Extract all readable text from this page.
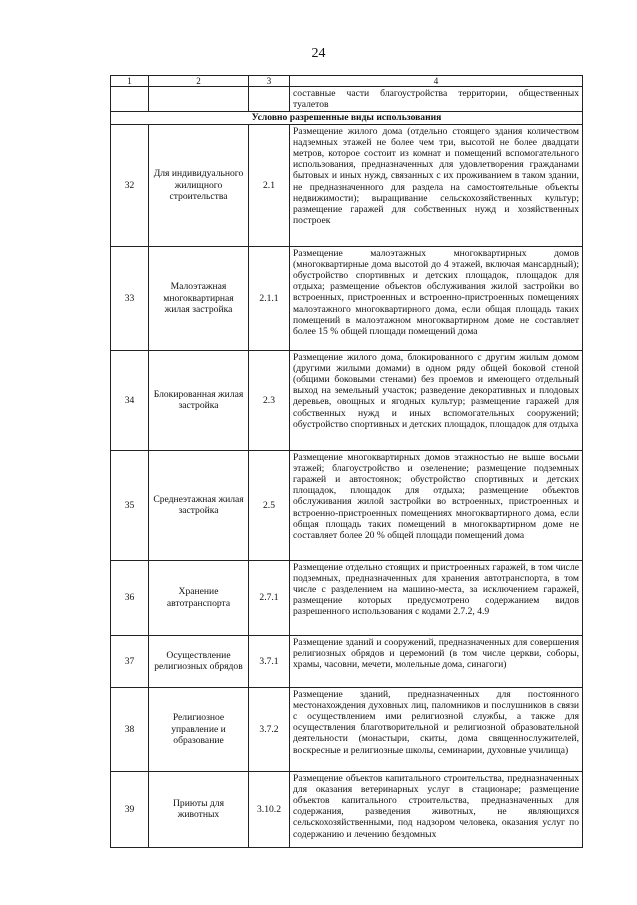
24
1	2	3	4
			составные части благоустройства территории, общественных туалетов
Условно разрешенные виды использования			
32	Для индивидуального жилищного строительства	2.1	Размещение жилого дома (отдельно стоящего здания количеством надземных этажей не более чем три, высотой не более двадцати метров, которое состоит из комнат и помещений вспомогательного использования, предназначенных для удовлетворения гражданами бытовых и иных нужд, связанных с их проживанием в таком здании, не предназначенного для раздела на самостоятельные объекты недвижимости); выращивание сельскохозяйственных культур; размещение гаражей для собственных нужд и хозяйственных построек
33	Малоэтажная многоквартирная жилая застройка	2.1.1	Размещение малоэтажных многоквартирных домов (многоквартирные дома высотой до 4 этажей, включая мансардный); обустройство спортивных и детских площадок, площадок для отдыха; размещение объектов обслуживания жилой застройки во встроенных, пристроенных и встроенно-пристроенных помещениях малоэтажного многоквартирного дома, если общая площадь таких помещений в малоэтажном многоквартирном доме не составляет более 15 % общей площади помещений дома
34	Блокированная жилая застройка	2.3	Размещение жилого дома, блокированного с другим жилым домом (другими жилыми домами) в одном ряду общей боковой стеной (общими боковыми стенами) без проемов и имеющего отдельный выход на земельный участок; разведение декоративных и плодовых деревьев, овощных и ягодных культур; размещение гаражей для собственных нужд и иных вспомогательных сооружений; обустройство спортивных и детских площадок, площадок для отдыха
35	Среднеэтажная жилая застройка	2.5	Размещение многоквартирных домов этажностью не выше восьми этажей; благоустройство и озеленение; размещение подземных гаражей и автостоянок; обустройство спортивных и детских площадок, площадок для отдыха; размещение объектов обслуживания жилой застройки во встроенных, пристроенных и встроенно-пристроенных помещениях многоквартирного дома, если общая площадь таких помещений в многоквартирном доме не составляет более 20 % общей площади помещений дома
36	Хранение автотранспорта	2.7.1	Размещение отдельно стоящих и пристроенных гаражей, в том числе подземных, предназначенных для хранения автотранспорта, в том числе с разделением на машино-места, за исключением гаражей, размещение которых предусмотрено содержанием видов разрешенного использования с кодами 2.7.2, 4.9
37	Осуществление религиозных обрядов	3.7.1	Размещение зданий и сооружений, предназначенных для совершения религиозных обрядов и церемоний (в том числе церкви, соборы, храмы, часовни, мечети, молельные дома, синагоги)
38	Религиозное управление и образование	3.7.2	Размещение зданий, предназначенных для постоянного местонахождения духовных лиц, паломников и послушников в связи с осуществлением ими религиозной службы, а также для осуществления благотворительной и религиозной образовательной деятельности (монастыри, скиты, дома священнослужителей, воскресные и религиозные школы, семинарии, духовные училища)
39	Приюты для животных	3.10.2	Размещение объектов капитального строительства, предназначенных для оказания ветеринарных услуг в стационаре; размещение объектов капитального строительства, предназначенных для содержания, разведения животных, не являющихся сельскохозяйственными, под надзором человека, оказания услуг по содержанию и лечению бездомных
